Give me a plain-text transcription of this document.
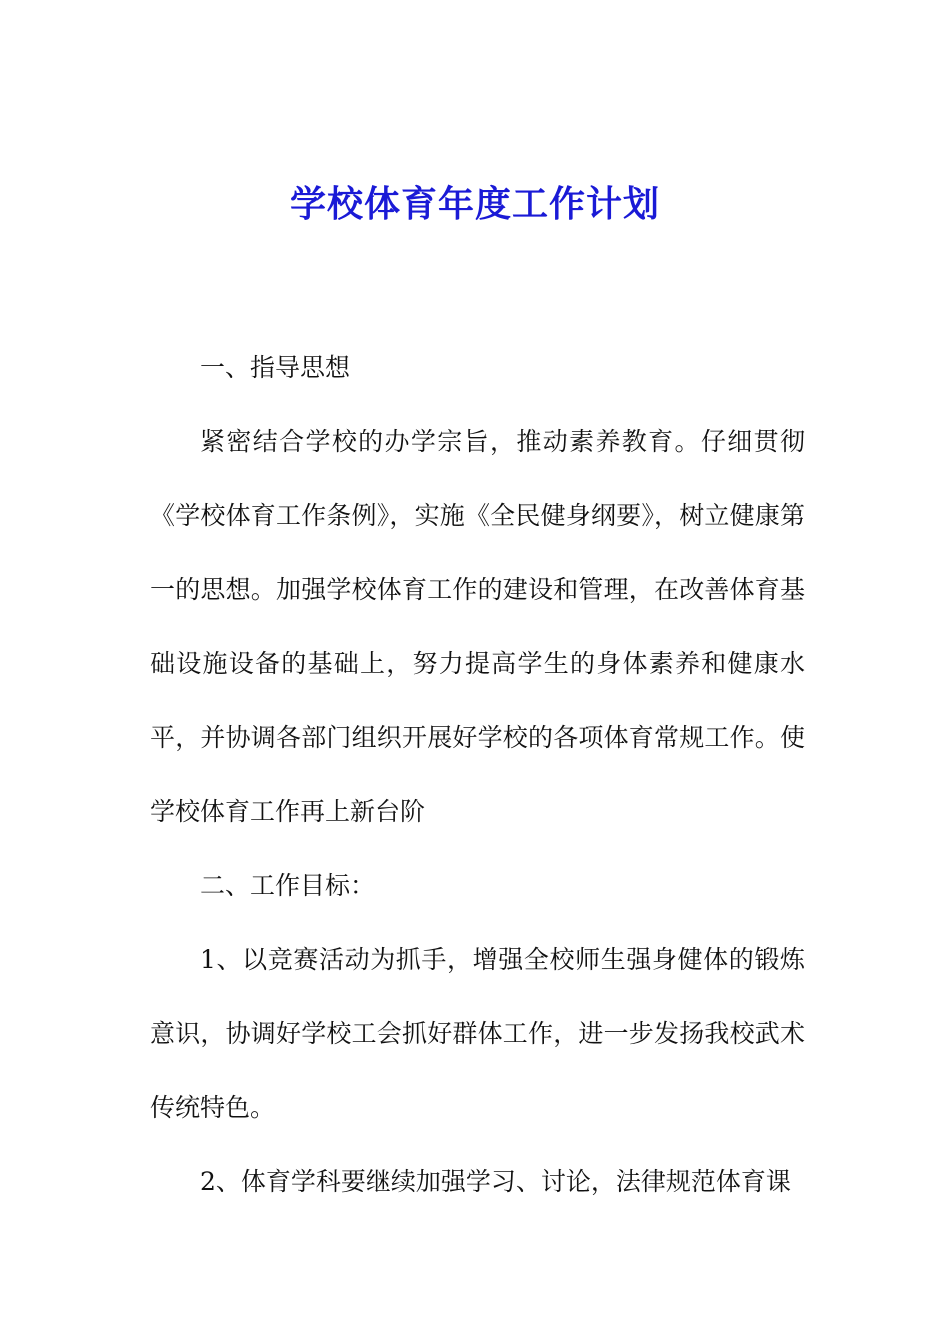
学校体育年度工作计划

一、指导思想

紧密结合学校的办学宗旨，推动素养教育。仔细贯彻《学校体育工作条例》，实施《全民健身纲要》，树立健康第一的思想。加强学校体育工作的建设和管理，在改善体育基础设施设备的基础上，努力提高学生的身体素养和健康水平，并协调各部门组织开展好学校的各项体育常规工作。使学校体育工作再上新台阶

二、工作目标：

1、以竞赛活动为抓手，增强全校师生强身健体的锻炼意识，协调好学校工会抓好群体工作，进一步发扬我校武术传统特色。

2、体育学科要继续加强学习、讨论，法律规范体育课
